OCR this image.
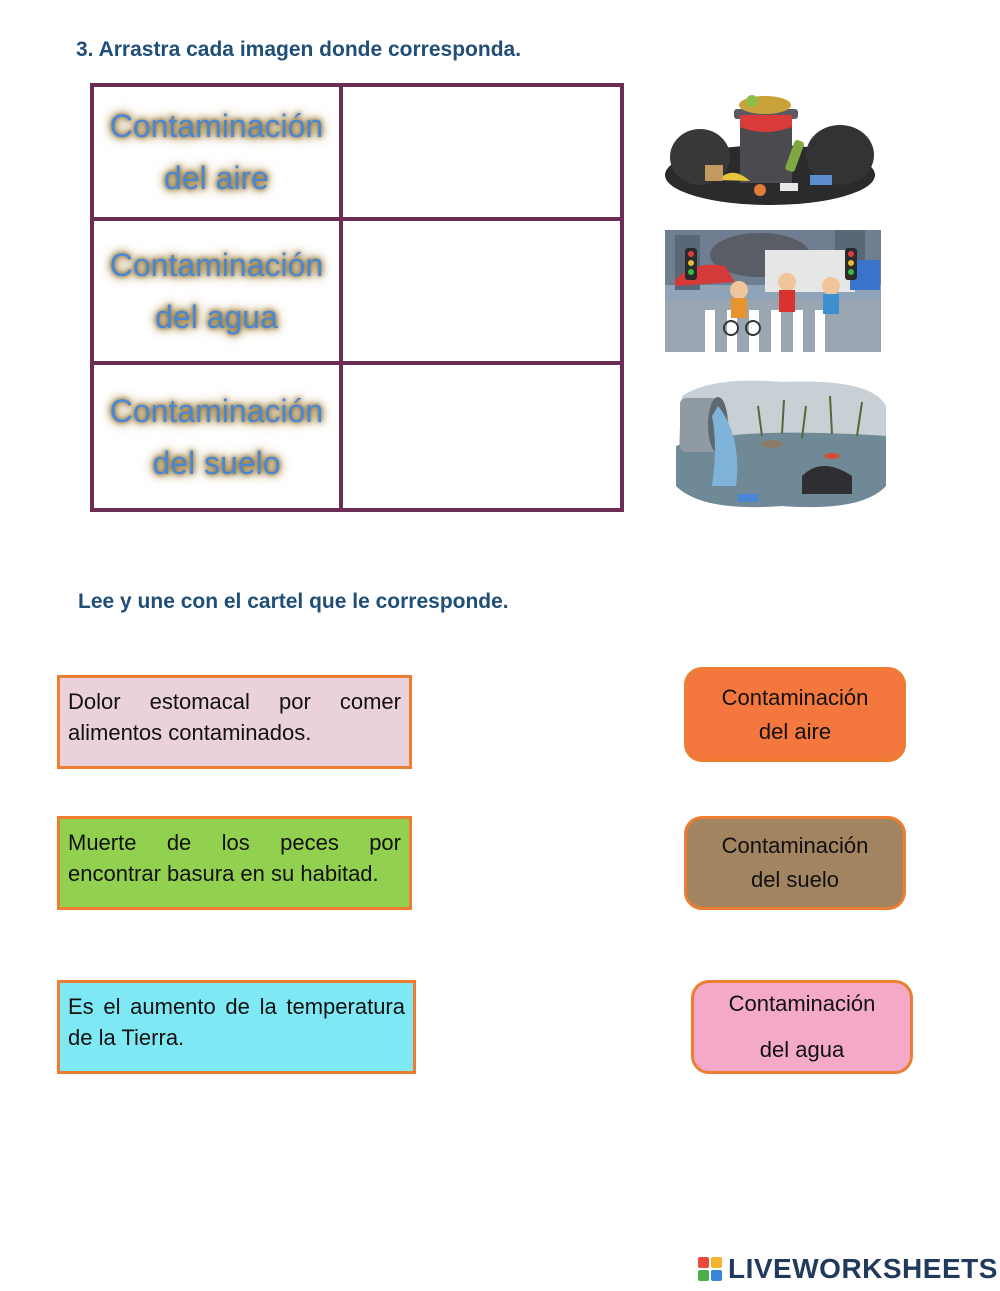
3. Arrastra cada imagen donde corresponda.
Contaminación del aire
Contaminación del agua
Contaminación del suelo
Lee y une con el cartel que le corresponde.
Dolor estomacal por comer alimentos contaminados.
Muerte de los peces por encontrar basura en su habitad.
Es el aumento de la temperatura de la Tierra.
Contaminación
del aire
Contaminación
del suelo
Contaminación
del agua
LIVEWORKSHEETS
